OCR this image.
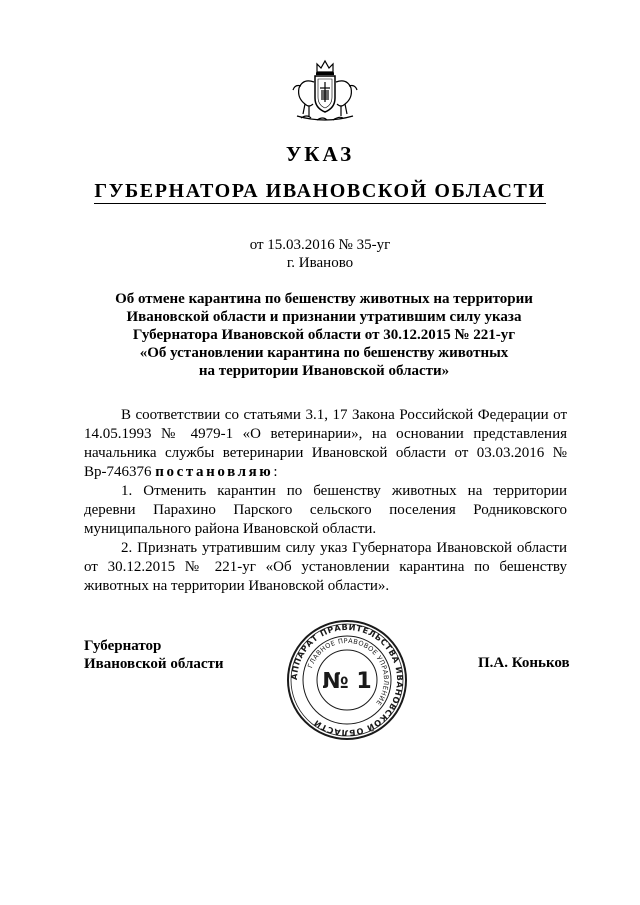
УКАЗ
ГУБЕРНАТОРА ИВАНОВСКОЙ ОБЛАСТИ
от 15.03.2016 № 35-уг
г. Иваново
Об отмене карантина по бешенству животных на территории
Ивановской области и признании утратившим силу указа
Губернатора Ивановской области от 30.12.2015 № 221-уг
«Об установлении карантина по бешенству животных
на территории Ивановской области»

В соответствии со статьями 3.1, 17 Закона Российской Федерации от 14.05.1993 № 4979-1 «О ветеринарии», на основании представления начальника службы ветеринарии Ивановской области от 03.03.2016 № Вр-746376 постановляю:

1. Отменить карантин по бешенству животных на территории деревни Парахино Парского сельского поселения Родниковского муниципального района Ивановской области.

2. Признать утратившим силу указ Губернатора Ивановской области от 30.12.2015 № 221-уг «Об установлении карантина по бешенству животных на территории Ивановской области».

Губернатор
Ивановской области	П.А. Коньков
АППАРАТ ПРАВИТЕЛЬСТВА ИВАНОВСКОЙ ОБЛАСТИ
ГЛАВНОЕ ПРАВОВОЕ УПРАВЛЕНИЕ
№ 1
